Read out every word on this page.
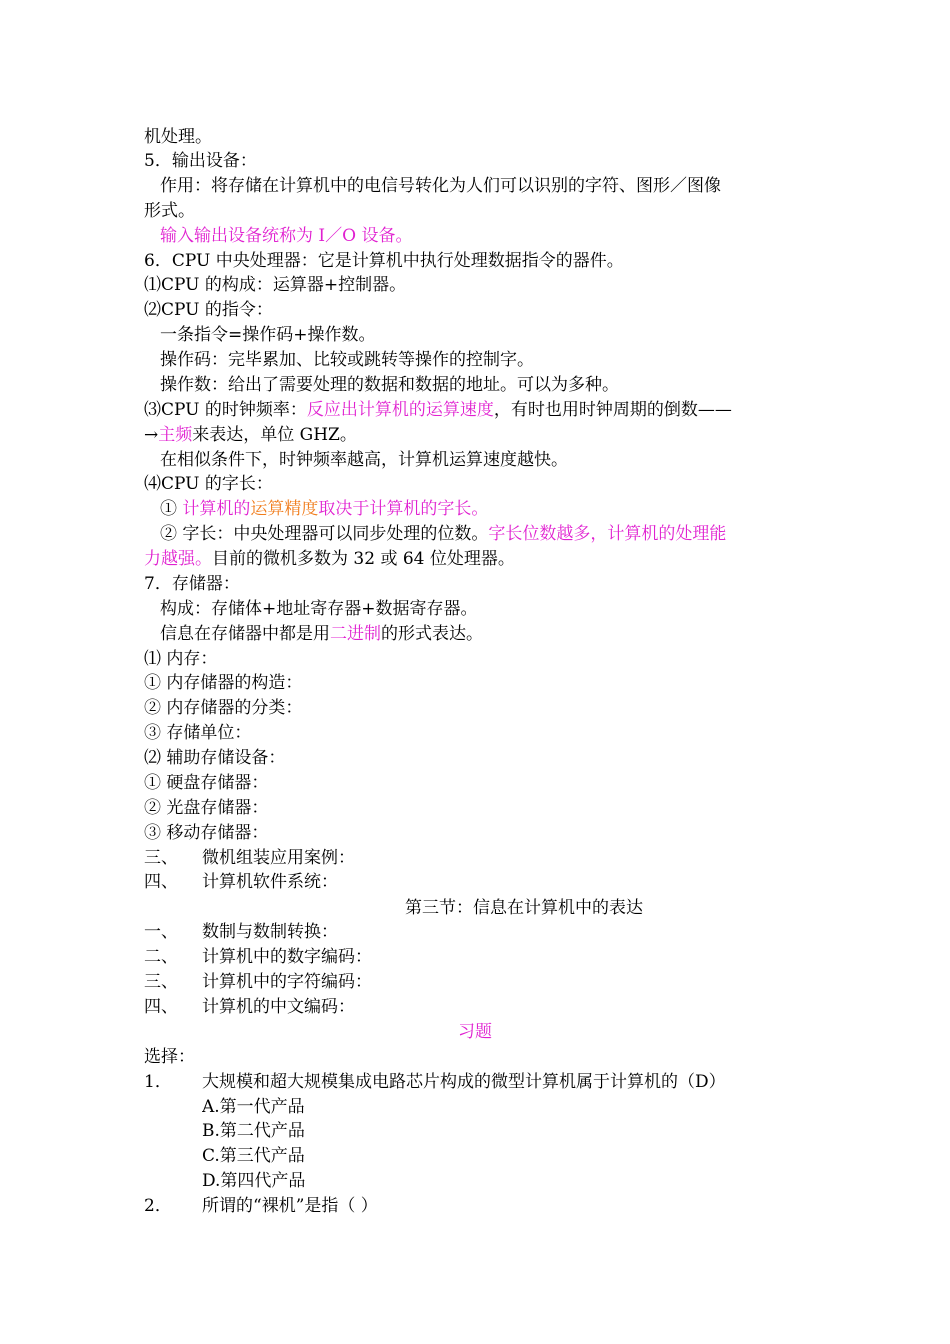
机处理。
5．输出设备：
作用：将存储在计算机中的电信号转化为人们可以识别的字符、图形／图像
形式。
输入输出设备统称为 I／O 设备。
6．CPU 中央处理器：它是计算机中执行处理数据指令的器件。
⑴CPU 的构成：运算器+控制器。
⑵CPU 的指令：
一条指令=操作码+操作数。
操作码：完毕累加、比较或跳转等操作的控制字。
操作数：给出了需要处理的数据和数据的地址。可以为多种。
⑶CPU 的时钟频率：反应出计算机的运算速度，有时也用时钟周期的倒数——
→主频来表达，单位 GHZ。
在相似条件下，时钟频率越高，计算机运算速度越快。
⑷CPU 的字长：
① 计算机的运算精度取决于计算机的字长。
② 字长：中央处理器可以同步处理的位数。字长位数越多，计算机的处理能
力越强。目前的微机多数为 32 或 64 位处理器。
7．存储器：
构成：存储体+地址寄存器+数据寄存器。
信息在存储器中都是用二进制的形式表达。
⑴ 内存：
① 内存储器的构造：
② 内存储器的分类：
③ 存储单位：
⑵ 辅助存储设备：
① 硬盘存储器：
② 光盘存储器：
③ 移动存储器：
三、 微机组装应用案例：
四、 计算机软件系统：
第三节：信息在计算机中的表达
一、 数制与数制转换：
二、 计算机中的数字编码：
三、 计算机中的字符编码：
四、 计算机的中文编码：
习题
选择：
1． 大规模和超大规模集成电路芯片构成的微型计算机属于计算机的（D）
A.第一代产品
B.第二代产品
C.第三代产品
D.第四代产品
2． 所谓的“裸机”是指（ ）
